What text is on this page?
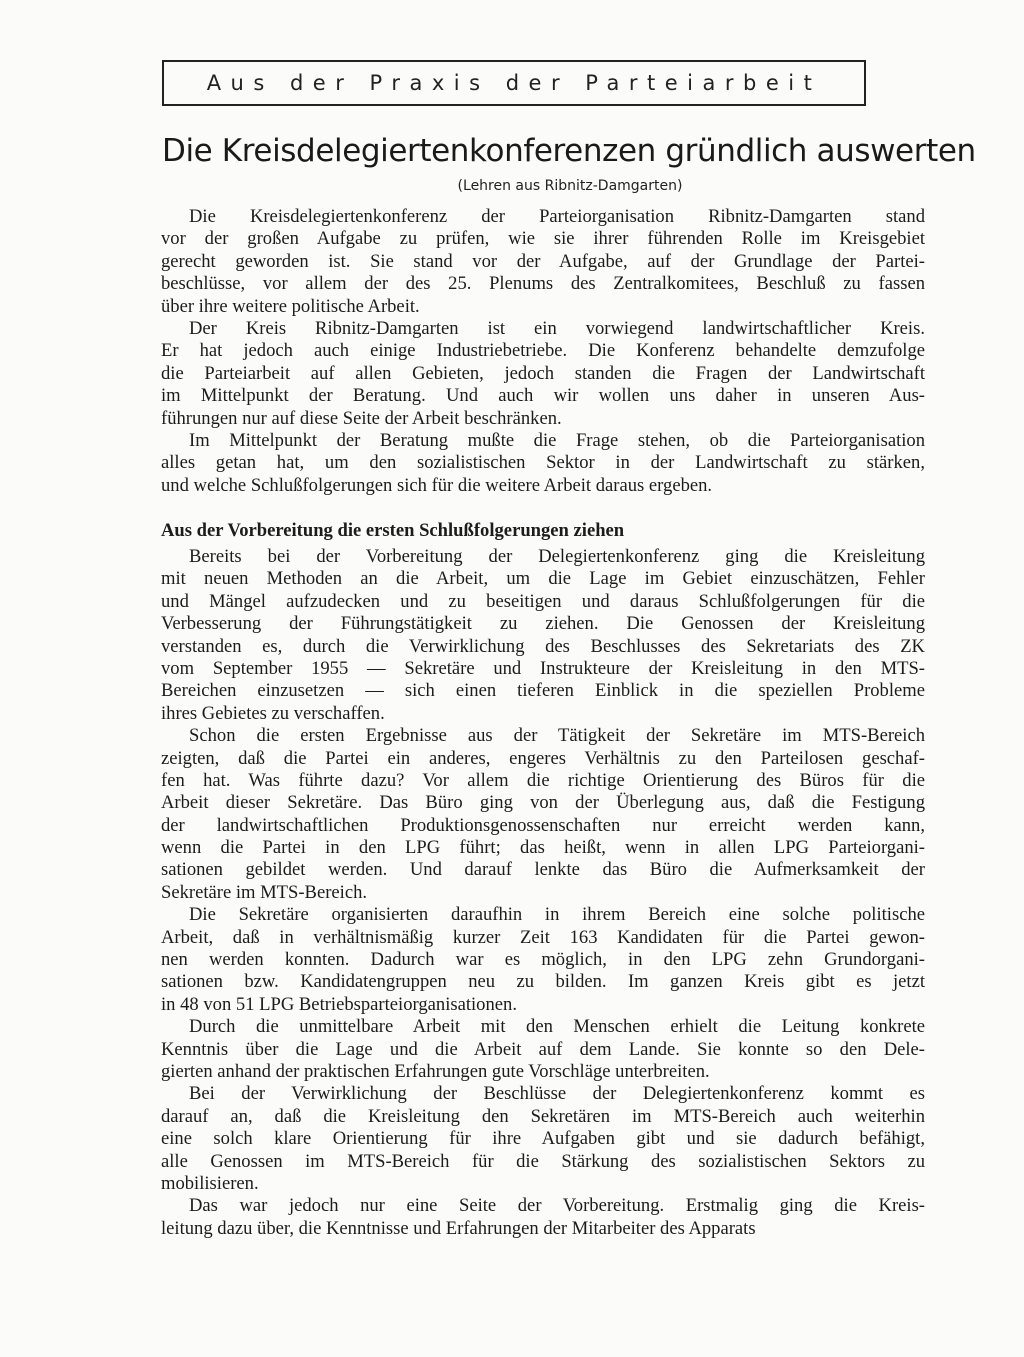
Aus der Praxis der Parteiarbeit
Die Kreisdelegiertenkonferenzen gründlich auswerten

(Lehren aus Ribnitz-Damgarten)

Die Kreisdelegiertenkonferenz der Parteiorganisation Ribnitz-Damgarten stand
vor der großen Aufgabe zu prüfen, wie sie ihrer führenden Rolle im Kreisgebiet
gerecht geworden ist. Sie stand vor der Aufgabe, auf der Grundlage der Partei-
beschlüsse, vor allem der des 25. Plenums des Zentralkomitees, Beschluß zu fassen
über ihre weitere politische Arbeit.
Der Kreis Ribnitz-Damgarten ist ein vorwiegend landwirtschaftlicher Kreis.
Er hat jedoch auch einige Industriebetriebe. Die Konferenz behandelte demzufolge
die Parteiarbeit auf allen Gebieten, jedoch standen die Fragen der Landwirtschaft
im Mittelpunkt der Beratung. Und auch wir wollen uns daher in unseren Aus-
führungen nur auf diese Seite der Arbeit beschränken.
Im Mittelpunkt der Beratung mußte die Frage stehen, ob die Parteiorganisation
alles getan hat, um den sozialistischen Sektor in der Landwirtschaft zu stärken,
und welche Schlußfolgerungen sich für die weitere Arbeit daraus ergeben.
Aus der Vorbereitung die ersten Schlußfolgerungen ziehen
Bereits bei der Vorbereitung der Delegiertenkonferenz ging die Kreisleitung
mit neuen Methoden an die Arbeit, um die Lage im Gebiet einzuschätzen, Fehler
und Mängel aufzudecken und zu beseitigen und daraus Schlußfolgerungen für die
Verbesserung der Führungstätigkeit zu ziehen. Die Genossen der Kreisleitung
verstanden es, durch die Verwirklichung des Beschlusses des Sekretariats des ZK
vom September 1955 — Sekretäre und Instrukteure der Kreisleitung in den MTS-
Bereichen einzusetzen — sich einen tieferen Einblick in die speziellen Probleme
ihres Gebietes zu verschaffen.
Schon die ersten Ergebnisse aus der Tätigkeit der Sekretäre im MTS-Bereich
zeigten, daß die Partei ein anderes, engeres Verhältnis zu den Parteilosen geschaf-
fen hat. Was führte dazu? Vor allem die richtige Orientierung des Büros für die
Arbeit dieser Sekretäre. Das Büro ging von der Überlegung aus, daß die Festigung
der landwirtschaftlichen Produktionsgenossenschaften nur erreicht werden kann,
wenn die Partei in den LPG führt; das heißt, wenn in allen LPG Parteiorgani-
sationen gebildet werden. Und darauf lenkte das Büro die Aufmerksamkeit der
Sekretäre im MTS-Bereich.
Die Sekretäre organisierten daraufhin in ihrem Bereich eine solche politische
Arbeit, daß in verhältnismäßig kurzer Zeit 163 Kandidaten für die Partei gewon-
nen werden konnten. Dadurch war es möglich, in den LPG zehn Grundorgani-
sationen bzw. Kandidatengruppen neu zu bilden. Im ganzen Kreis gibt es jetzt
in 48 von 51 LPG Betriebsparteiorganisationen.
Durch die unmittelbare Arbeit mit den Menschen erhielt die Leitung konkrete
Kenntnis über die Lage und die Arbeit auf dem Lande. Sie konnte so den Dele-
gierten anhand der praktischen Erfahrungen gute Vorschläge unterbreiten.
Bei der Verwirklichung der Beschlüsse der Delegiertenkonferenz kommt es
darauf an, daß die Kreisleitung den Sekretären im MTS-Bereich auch weiterhin
eine solch klare Orientierung für ihre Aufgaben gibt und sie dadurch befähigt,
alle Genossen im MTS-Bereich für die Stärkung des sozialistischen Sektors zu
mobilisieren.
Das war jedoch nur eine Seite der Vorbereitung. Erstmalig ging die Kreis-
leitung dazu über, die Kenntnisse und Erfahrungen der Mitarbeiter des Apparats
